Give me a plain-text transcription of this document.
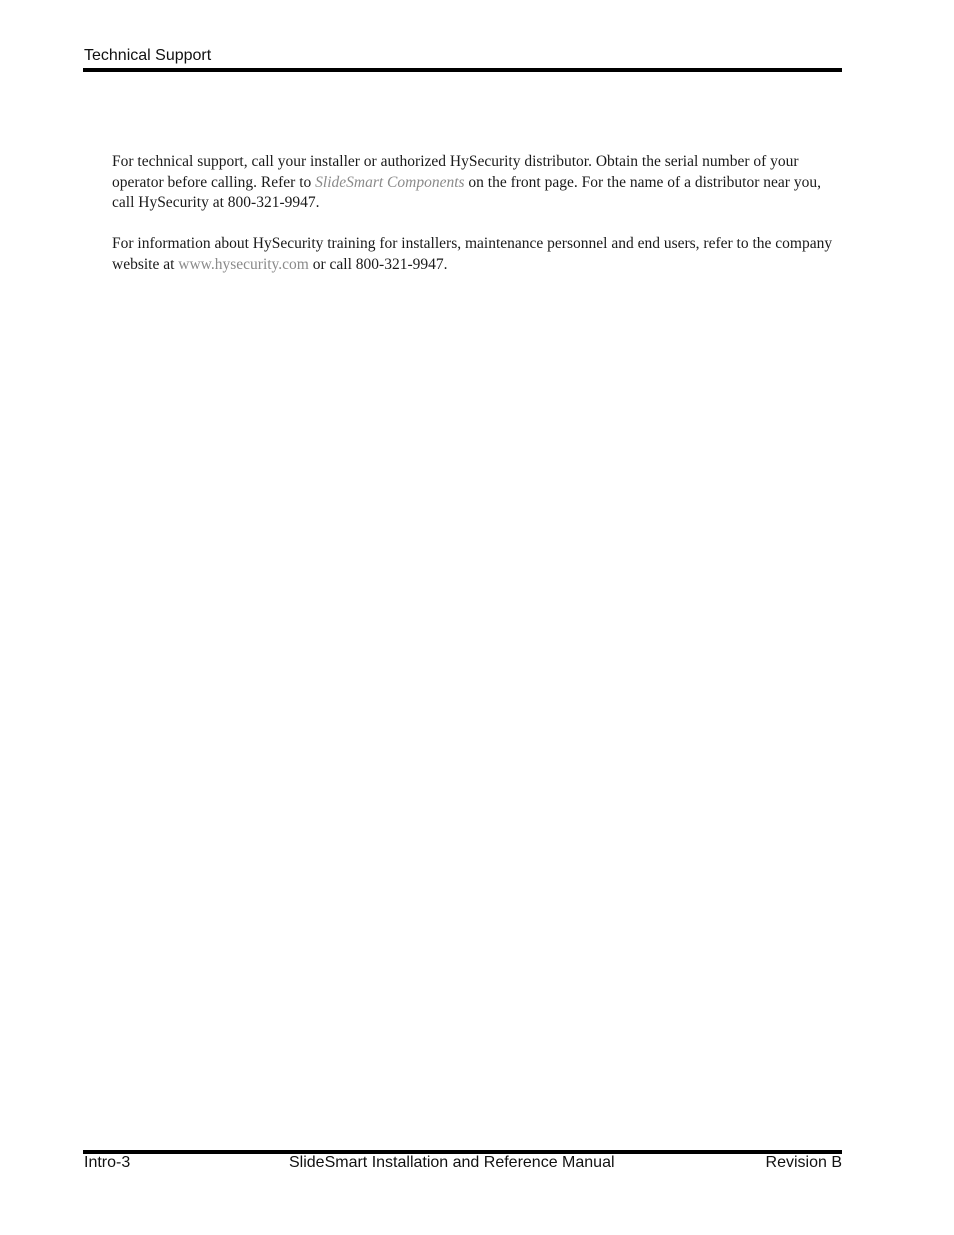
Technical Support

For technical support, call your installer or authorized HySecurity distributor. Obtain the serial number of your operator before calling. Refer to SlideSmart Components on the front page. For the name of a distributor near you, call HySecurity at 800-321-9947.

For information about HySecurity training for installers, maintenance personnel and end users, refer to the company website at www.hysecurity.com or call 800-321-9947.

Intro-3	SlideSmart Installation and Reference Manual	Revision B
